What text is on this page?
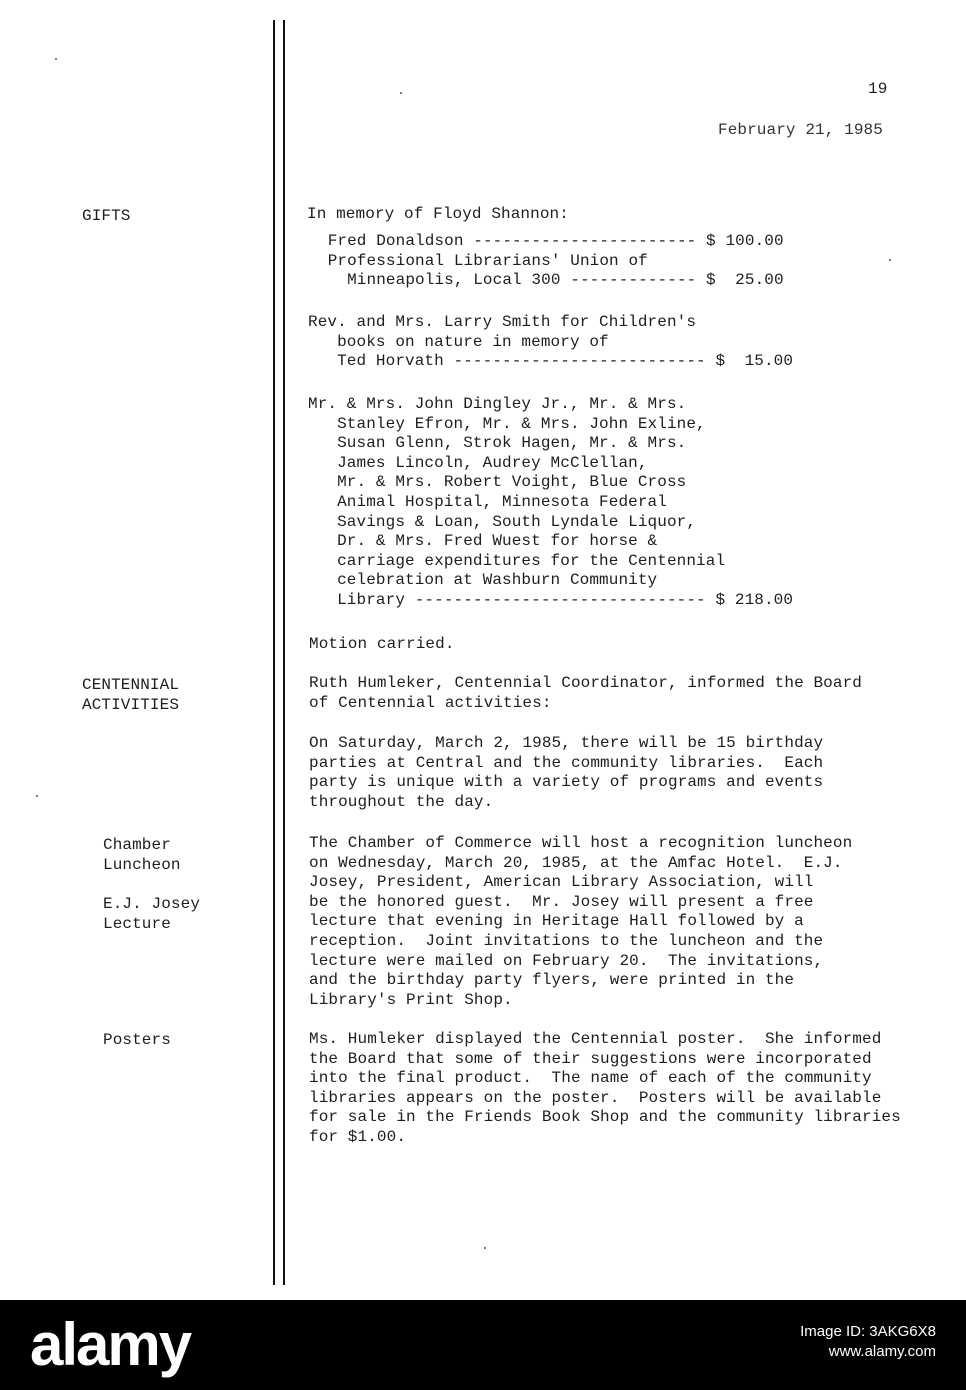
19
February 21, 1985
GIFTS
CENTENNIAL
ACTIVITIES
Chamber
Luncheon
E.J. Josey
Lecture
Posters
In memory of Floyd Shannon:
Fred Donaldson ----------------------- $ 100.00
Professional Librarians' Union of
Minneapolis, Local 300 ------------- $  25.00
Rev. and Mrs. Larry Smith for Children's
books on nature in memory of
Ted Horvath -------------------------- $  15.00
Mr. & Mrs. John Dingley Jr., Mr. & Mrs.
Stanley Efron, Mr. & Mrs. John Exline,
Susan Glenn, Strok Hagen, Mr. & Mrs.
James Lincoln, Audrey McClellan,
Mr. & Mrs. Robert Voight, Blue Cross
Animal Hospital, Minnesota Federal
Savings & Loan, South Lyndale Liquor,
Dr. & Mrs. Fred Wuest for horse &
carriage expenditures for the Centennial
celebration at Washburn Community
Library ------------------------------ $ 218.00
Motion carried.
Ruth Humleker, Centennial Coordinator, informed the Board
of Centennial activities:
On Saturday, March 2, 1985, there will be 15 birthday
parties at Central and the community libraries.  Each
party is unique with a variety of programs and events
throughout the day.
The Chamber of Commerce will host a recognition luncheon
on Wednesday, March 20, 1985, at the Amfac Hotel.  E.J.
Josey, President, American Library Association, will
be the honored guest.  Mr. Josey will present a free
lecture that evening in Heritage Hall followed by a
reception.  Joint invitations to the luncheon and the
lecture were mailed on February 20.  The invitations,
and the birthday party flyers, were printed in the
Library's Print Shop.
Ms. Humleker displayed the Centennial poster.  She informed
the Board that some of their suggestions were incorporated
into the final product.  The name of each of the community
libraries appears on the poster.  Posters will be available
for sale in the Friends Book Shop and the community libraries
for $1.00.
alamy	Image ID: 3AKG6X8
www.alamy.com
